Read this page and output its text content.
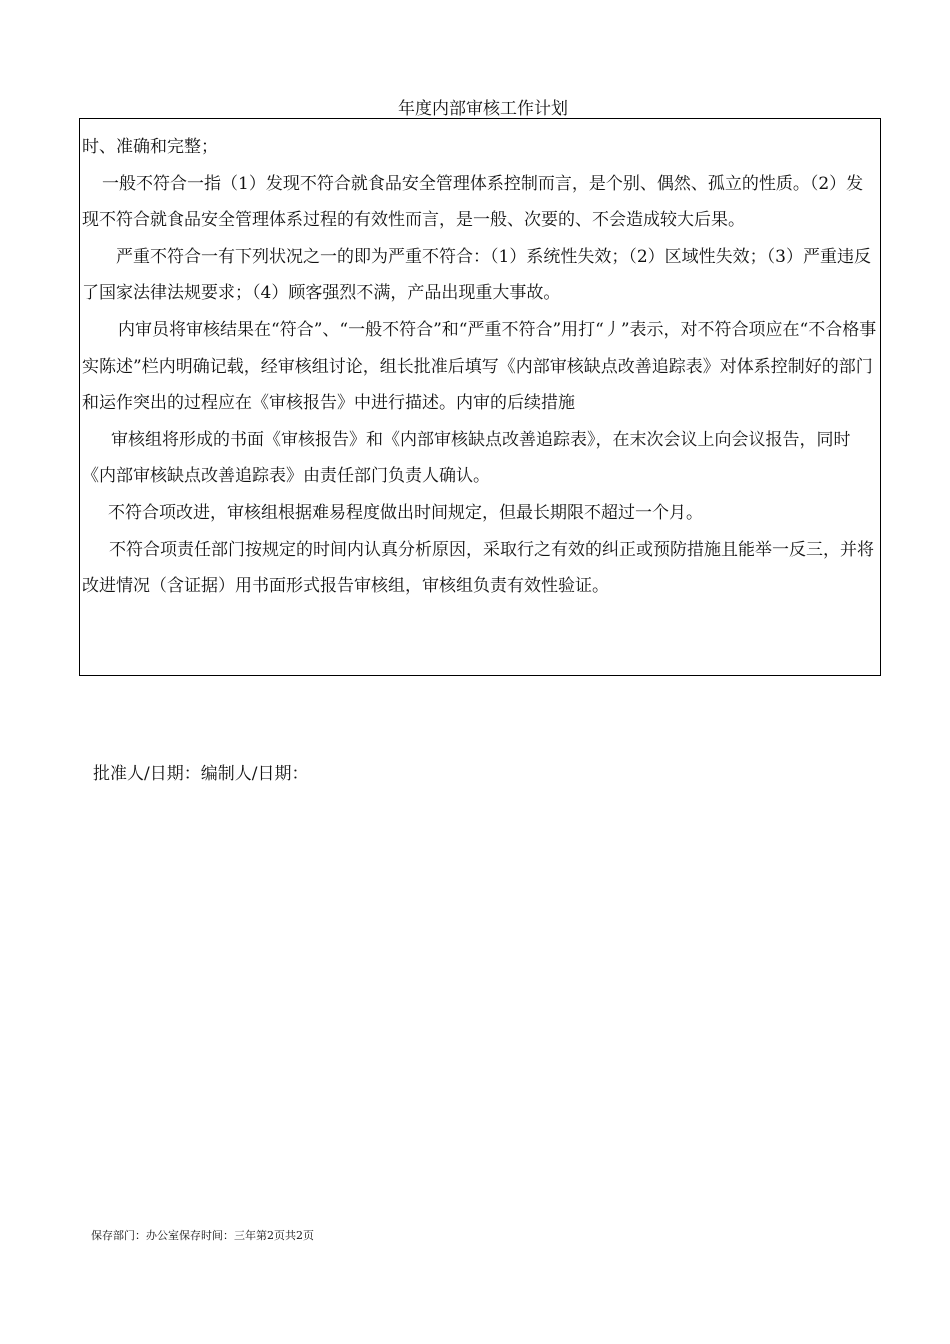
年度内部审核工作计划

时、准确和完整；

一般不符合一指（1）发现不符合就食品安全管理体系控制而言，是个别、偶然、孤立的性质。（2）发现不符合就食品安全管理体系过程的有效性而言，是一般、次要的、不会造成较大后果。

严重不符合一有下列状况之一的即为严重不符合：（1）系统性失效；（2）区域性失效；（3）严重违反了国家法律法规要求；（4）顾客强烈不满，产品出现重大事故。

内审员将审核结果在“符合”、“一般不符合”和“严重不符合”用打“丿”表示，对不符合项应在“不合格事实陈述”栏内明确记载，经审核组讨论，组长批准后填写《内部审核缺点改善追踪表》对体系控制好的部门和运作突出的过程应在《审核报告》中进行描述。内审的后续措施

审核组将形成的书面《审核报告》和《内部审核缺点改善追踪表》，在末次会议上向会议报告，同时《内部审核缺点改善追踪表》由责任部门负责人确认。

不符合项改进，审核组根据难易程度做出时间规定，但最长期限不超过一个月。

不符合项责任部门按规定的时间内认真分析原因，采取行之有效的纠正或预防措施且能举一反三，并将改进情况（含证据）用书面形式报告审核组，审核组负责有效性验证。

批准人/日期：编制人/日期：
保存部门：办公室保存时间：三年第2页共2页
